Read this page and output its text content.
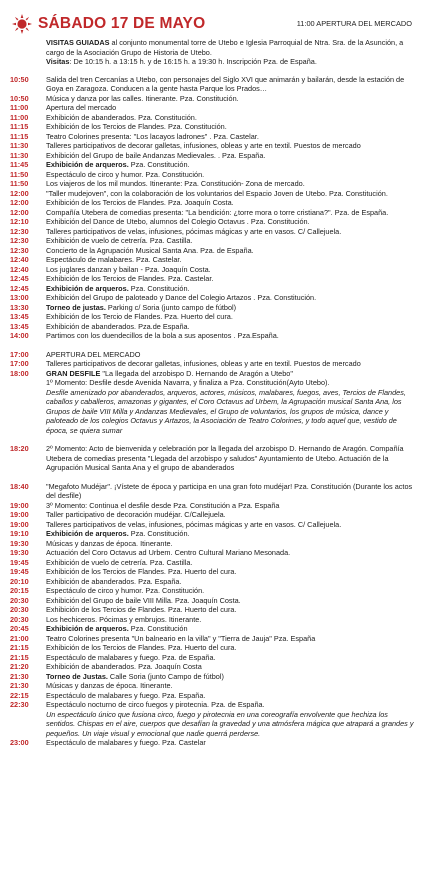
SÁBADO 17 DE MAYO	11:00 APERTURA DEL MERCADO
VISITAS GUIADAS al conjunto monumental torre de Utebo e Iglesia Parroquial de Ntra. Sra. de la Asunción, a cargo de la Asociación Grupo de Historia de Utebo.
Visitas: De 10:15 h. a 13:15 h. y de 16:15 h. a 19:30 h. Inscripción Pza. de España.
10:50	Salida del tren Cercanías a Utebo, con personajes del Siglo XVI que animarán y bailarán, desde la estación de Goya en Zaragoza. Conducen a la gente hasta Parque los Prados…
10:50	Música y danza por las calles. Itinerante. Pza. Constitución.
11:00	Apertura del mercado
11:00	Exhibición de abanderados. Pza. Constitución.
11:15	Exhibición de los Tercios de Flandes. Pza. Constitución.
11:15	Teatro Colorines presenta: "Los lacayos ladrones" . Pza. Castelar.
11:30	Talleres participativos de decorar galletas, infusiones, obleas y arte en textil. Puestos de mercado
11:30	Exhibición del Grupo de baile Andanzas Medievales. . Pza. España.
11:45	Exhibición de arqueros. Pza. Constitución.
11:50	Espectáculo de circo y humor. Pza. Constitución.
11:50	Los viajeros de los mil mundos. Itinerante: Pza. Constitución- Zona de mercado.
12:00	"Taller mudejoven", con la colaboración de los voluntarios del Espacio Joven de Utebo. Pza. Constitución.
12:00	Exhibición de los Tercios de Flandes. Pza. Joaquín Costa.
12:00	Compañía Utebera de comedias presenta: "La bendición: ¿torre mora o torre cristiana?". Pza. de España.
12:10	Exhibición del Dance de Utebo, alumnos del Colegio Octavus . Pza. Constitución.
12:30	Talleres participativos de velas, infusiones, pócimas mágicas y arte en vasos. C/ Callejuela.
12:30	Exhibición de vuelo de cetrería. Pza. Castilla.
12:30	Concierto de la Agrupación Musical Santa Ana. Pza. de España.
12:40	Espectáculo de malabares. Pza. Castelar.
12:40	Los juglares danzan y bailan - Pza. Joaquín Costa.
12:45	Exhibición de los Tercios de Flandes. Pza. Castelar.
12:45	Exhibición de arqueros. Pza. Constitución.
13:00	Exhibición del Grupo de paloteado y Dance del Colegio Artazos . Pza. Constitución.
13:30	Torneo de justas. Parking c/ Soria (junto campo de fútbol)
13:45	Exhibición de los Tercio de Flandes. Pza. Huerto del cura.
13:45	Exhibición de abanderados. Pza.de España.
14:00	Partimos con los duendecillos de la bola a sus aposentos . Pza.España.
17:00	APERTURA DEL MERCADO
17:00	Talleres participativos de decorar galletas, infusiones, obleas y arte en textil. Puestos de mercado
18:00	GRAN DESFILE "La llegada del arzobispo D. Hernando de Aragón a Utebo"
1º Momento: Desfile desde Avenida Navarra, y finaliza a Pza. Constitución(Ayto Utebo).
Desfile amenizado por abanderados, arqueros, actores, músicos, malabares, fuegos, aves, Tercios de Flandes, caballos y caballeros, amazonas y gigantes, el Coro Octavus ad Urbem, la Agrupación musical Santa Ana, los Grupos de baile VIII Milla y Andanzas Medievales, el Grupo de voluntarios, los grupos de música, dance y paloteado de los colegios Octavus y Artazos, la Asociación de Teatro Colorines, y todo aquel que, vestido de época, se quiera sumar
18:20	2º Momento: Acto de bienvenida y celebración por la llegada del arzobispo D. Hernando de Aragón. Compañía Utebera de comedias presenta "Llegada del arzobispo y saludos" Ayuntamiento de Utebo. Actuación de la Agrupación Musical Santa Ana y el grupo de abanderados
18:40	"Megafoto Mudéjar". ¡Vístete de época y participa en una gran foto mudéjar! Pza. Constitución (Durante los actos del desfile)
19:00	3º Momento: Continua el desfile desde Pza. Constitución a Pza. España
19:00	Taller participativo de decoración mudéjar. C/Callejuela.
19:00	Talleres participativos de velas, infusiones, pócimas mágicas y arte en vasos. C/ Callejuela.
19:10	Exhibición de arqueros. Pza. Constitución.
19:30	Músicas y danzas de época. Itinerante.
19:30	Actuación del Coro Octavus ad Urbem. Centro Cultural Mariano Mesonada.
19:45	Exhibición de vuelo de cetrería. Pza. Castilla.
19:45	Exhibición de los Tercios de Flandes. Pza. Huerto del cura.
20:10	Exhibición de abanderados. Pza. España.
20:15	Espectáculo de circo y humor. Pza. Constitución.
20:30	Exhibición del Grupo de baile VIII Milla. Pza. Joaquín Costa.
20:30	Exhibición de los Tercios de Flandes. Pza. Huerto del cura.
20:30	Los hechiceros. Pócimas y embrujos. Itinerante.
20:45	Exhibición de arqueros. Pza. Constitución
21:00	Teatro Colorines presenta "Un balneario en la villa" y "Tierra de Jauja" Pza. España
21:15	Exhibición de los Tercios de Flandes. Pza. Huerto del cura.
21:15	Espectáculo de malabares y fuego. Pza. de España.
21:20	Exhibición de abanderados. Pza. Joaquín Costa
21:30	Torneo de Justas. Calle Soria (junto Campo de fútbol)
21:30	Músicas y danzas de época. Itinerante.
22:15	Espectáculo de malabares y fuego. Pza. España.
22:30	Espectáculo nocturno de circo fuegos y pirotecnia. Pza. de España.
Un espectáculo único que fusiona circo, fuego y pirotecnia en una coreografía envolvente que hechiza los sentidos. Chispas en el aire, cuerpos que desafían la gravedad y una atmósfera mágica que atrapará a grandes y pequeños. Un viaje visual y emocional que nadie querrá perderse.
23:00	Espectáculo de malabares y fuego. Pza. Castelar
